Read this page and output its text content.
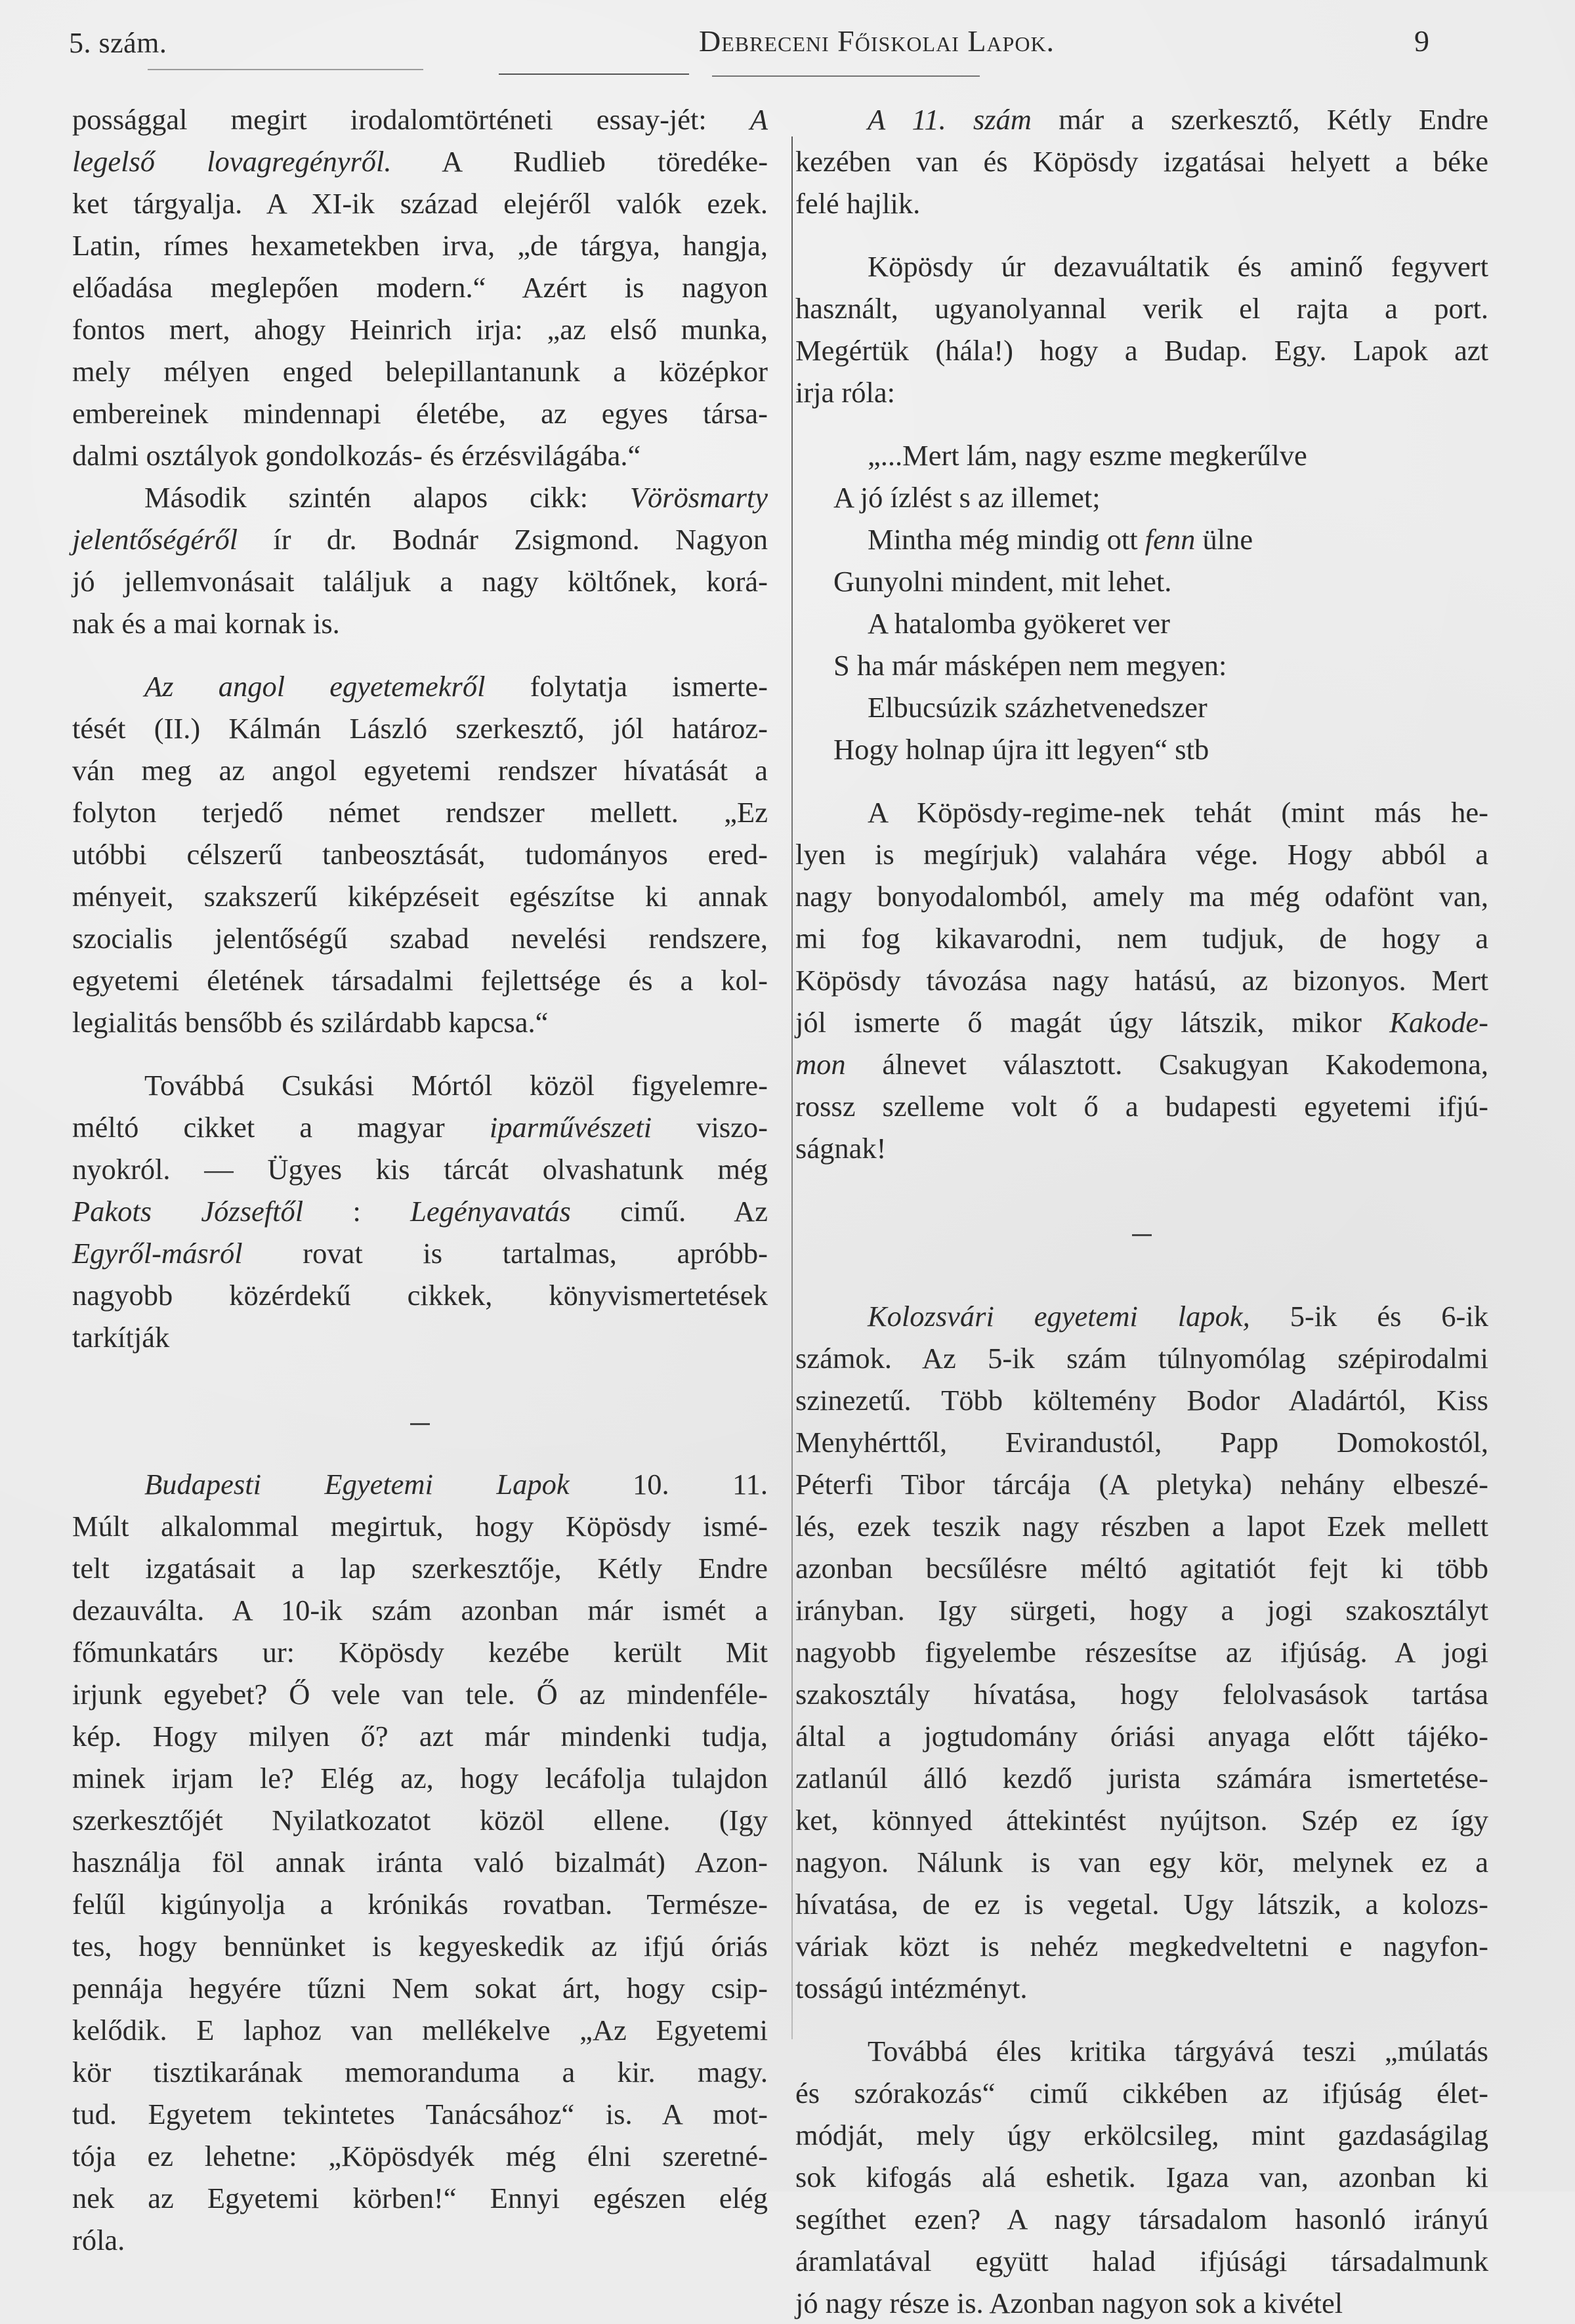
5. szám.	Debreceni Főiskolai Lapok.	9
possággal megirt irodalomtörténeti essay-jét: A
legelső lovagregényről. A Rudlieb töredéke-
ket tárgyalja. A XI-ik század elejéről valók ezek.
Latin, rímes hexametekben irva, „de tárgya, hangja,
előadása meglepően modern.“ Azért is nagyon
fontos mert, ahogy Heinrich irja: „az első munka,
mely mélyen enged belepillantanunk a középkor
embereinek mindennapi életébe, az egyes társa-
dalmi osztályok gondolkozás- és érzésvilágába.“
Második szintén alapos cikk: Vörösmarty
jelentőségéről ír dr. Bodnár Zsigmond. Nagyon
jó jellemvonásait találjuk a nagy költőnek, korá-
nak és a mai kornak is.
Az angol egyetemekről folytatja ismerte-
tését (II.) Kálmán László szerkesztő, jól határoz-
ván meg az angol egyetemi rendszer hívatását a
folyton terjedő német rendszer mellett. „Ez
utóbbi célszerű tanbeosztását, tudományos ered-
ményeit, szakszerű kiképzéseit egészítse ki annak
szocialis jelentőségű szabad nevelési rendszere,
egyetemi életének társadalmi fejlettsége és a kol-
legialitás bensőbb és szilárdabb kapcsa.“
Továbbá Csukási Mórtól közöl figyelemre-
méltó cikket a magyar iparművészeti viszo-
nyokról. — Ügyes kis tárcát olvashatunk még
Pakots Józseftől : Legényavatás cimű. Az
Egyről-másról rovat is tartalmas, apróbb-
nagyobb közérdekű cikkek, könyvismertetések
tarkítják
Budapesti Egyetemi Lapok 10. 11.
Múlt alkalommal megirtuk, hogy Köpösdy ismé-
telt izgatásait a lap szerkesztője, Kétly Endre
dezauválta. A 10-ik szám azonban már ismét a
főmunkatárs ur: Köpösdy kezébe került Mit
irjunk egyebet? Ő vele van tele. Ő az mindenféle-
kép. Hogy milyen ő? azt már mindenki tudja,
minek irjam le? Elég az, hogy lecáfolja tulajdon
szerkesztőjét Nyilatkozatot közöl ellene. (Igy
használja föl annak iránta való bizalmát) Azon-
felűl kigúnyolja a krónikás rovatban. Természe-
tes, hogy bennünket is kegyeskedik az ifjú óriás
pennája hegyére tűzni Nem sokat árt, hogy csip-
kelődik. E laphoz van mellékelve „Az Egyetemi
kör tisztikarának memoranduma a kir. magy.
tud. Egyetem tekintetes Tanácsához“ is. A mot-
tója ez lehetne: „Köpösdyék még élni szeretné-
nek az Egyetemi körben!“ Ennyi egészen elég
róla.
A 11. szám már a szerkesztő, Kétly Endre
kezében van és Köpösdy izgatásai helyett a béke
felé hajlik.
Köpösdy úr dezavuáltatik és aminő fegyvert
használt, ugyanolyannal verik el rajta a port.
Megértük (hála!) hogy a Budap. Egy. Lapok azt
irja róla:
„...Mert lám, nagy eszme megkerűlve
A jó ízlést s az illemet;
Mintha még mindig ott fenn ülne
Gunyolni mindent, mit lehet.
A hatalomba gyökeret ver
S ha már másképen nem megyen:
Elbucsúzik százhetvenedszer
Hogy holnap újra itt legyen“ stb
A Köpösdy-regime-nek tehát (mint más he-
lyen is megírjuk) valahára vége. Hogy abból a
nagy bonyodalomból, amely ma még odafönt van,
mi fog kikavarodni, nem tudjuk, de hogy a
Köpösdy távozása nagy hatású, az bizonyos. Mert
jól ismerte ő magát úgy látszik, mikor Kakode-
mon álnevet választott. Csakugyan Kakodemona,
rossz szelleme volt ő a budapesti egyetemi ifjú-
ságnak!
Kolozsvári egyetemi lapok, 5-ik és 6-ik
számok. Az 5-ik szám túlnyomólag szépirodalmi
szinezetű. Több költemény Bodor Aladártól, Kiss
Menyhérttől, Evirandustól, Papp Domokostól,
Péterfi Tibor tárcája (A pletyka) nehány elbeszé-
lés, ezek teszik nagy részben a lapot Ezek mellett
azonban becsűlésre méltó agitatiót fejt ki több
irányban. Igy sürgeti, hogy a jogi szakosztályt
nagyobb figyelembe részesítse az ifjúság. A jogi
szakosztály hívatása, hogy felolvasások tartása
által a jogtudomány óriási anyaga előtt tájéko-
zatlanúl álló kezdő jurista számára ismertetése-
ket, könnyed áttekintést nyújtson. Szép ez így
nagyon. Nálunk is van egy kör, melynek ez a
hívatása, de ez is vegetal. Ugy látszik, a kolozs-
váriak közt is nehéz megkedveltetni e nagyfon-
tosságú intézményt.
Továbbá éles kritika tárgyává teszi „múlatás
és szórakozás“ cimű cikkében az ifjúság élet-
módját, mely úgy erkölcsileg, mint gazdaságilag
sok kifogás alá eshetik. Igaza van, azonban ki
segíthet ezen? A nagy társadalom hasonló irányú
áramlatával együtt halad ifjúsági társadalmunk
jó nagy része is. Azonban nagyon sok a kivétel
